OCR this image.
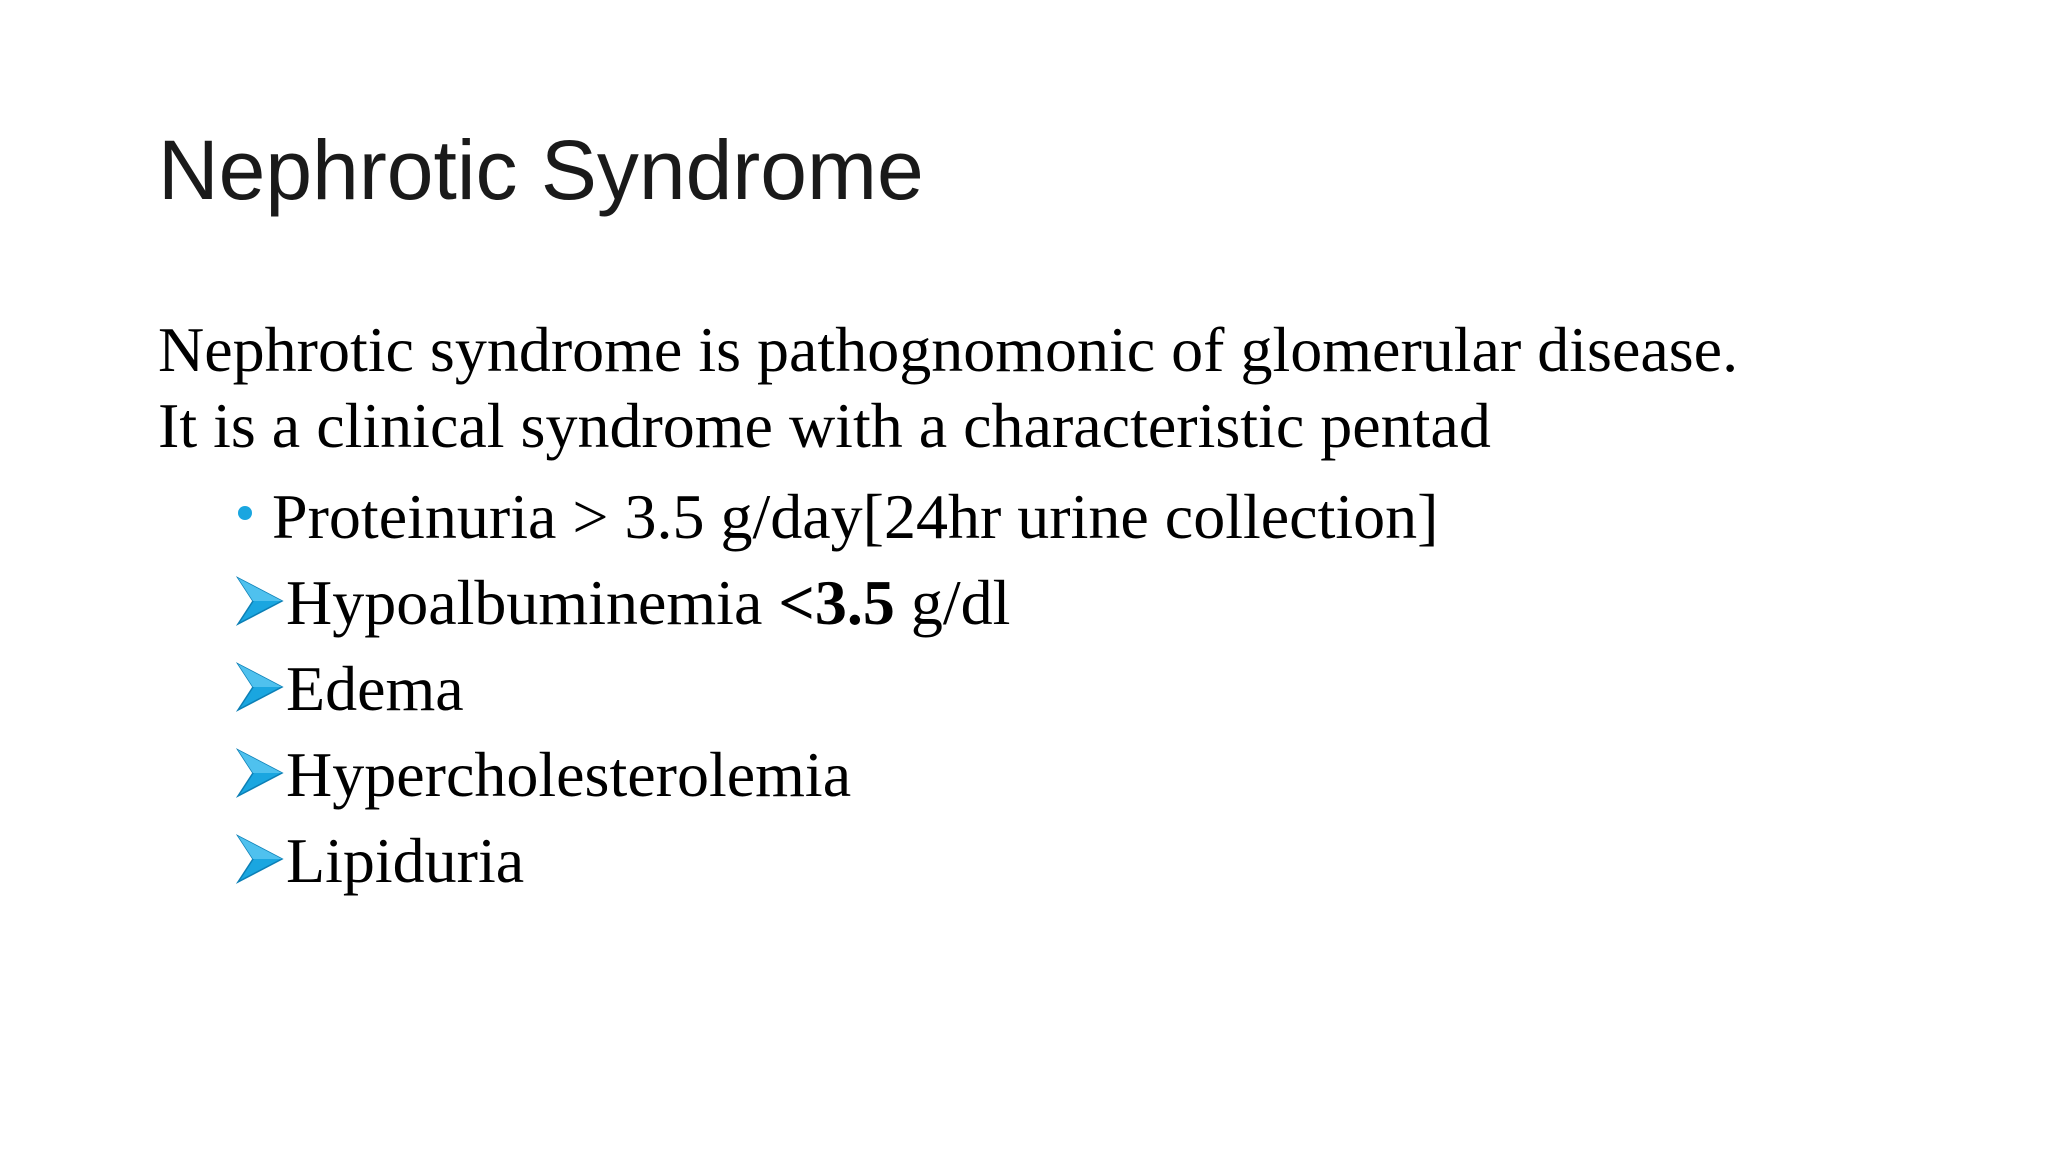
Nephrotic Syndrome
Nephrotic syndrome is pathognomonic of glomerular disease.
It is a clinical syndrome with a characteristic pentad
Proteinuria > 3.5 g/day[24hr urine collection]
Hypoalbuminemia <3.5 g/dl
Edema
Hypercholesterolemia
Lipiduria
